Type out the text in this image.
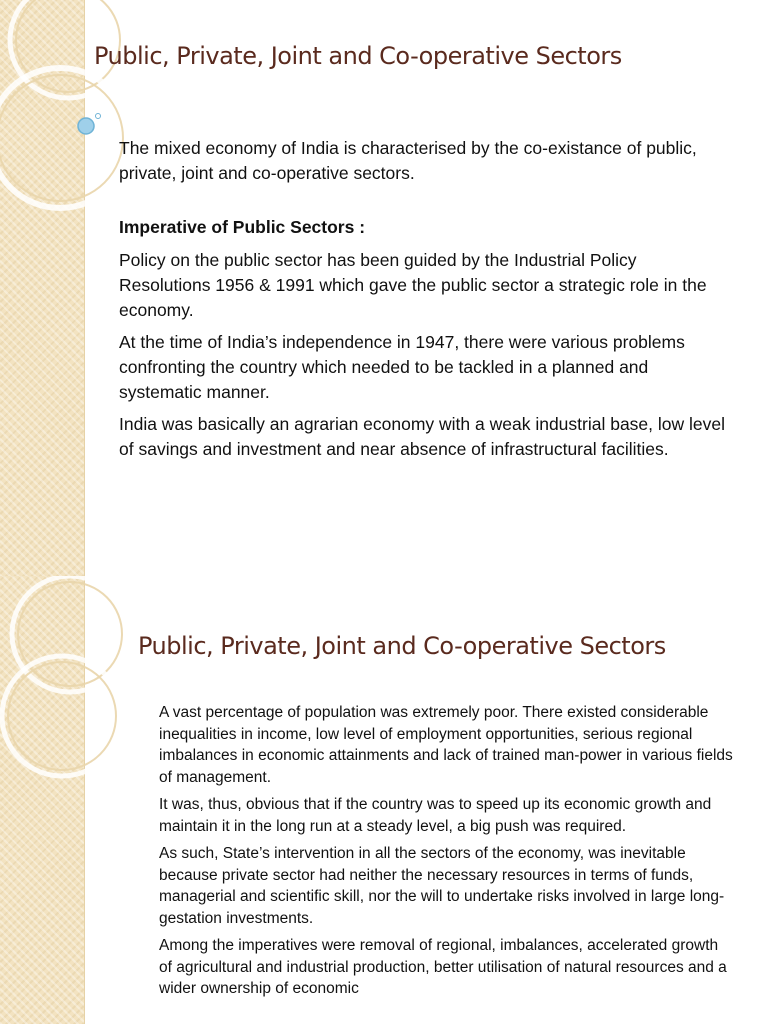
Public, Private, Joint and Co-operative Sectors

The mixed economy of India is characterised by the co-existance of public, private, joint and co-operative sectors.

Imperative of Public Sectors :

Policy on the public sector has been guided by the Industrial Policy Resolutions 1956 & 1991 which gave the public sector a strategic role in the economy.

At the time of India’s independence in 1947, there were various problems confronting the country which needed to be tackled in a planned and systematic manner.

India was basically an agrarian economy with a weak industrial base, low level of savings and investment and near absence of infrastructural facilities.

Public, Private, Joint and Co-operative Sectors

A vast percentage of population was extremely poor. There existed considerable inequalities in income, low level of employment opportunities, serious regional imbalances in economic attainments and lack of trained man-power in various fields of management.

It was, thus, obvious that if the country was to speed up its economic growth and maintain it in the long run at a steady level, a big push was required.

As such, State’s intervention in all the sectors of the economy, was inevitable because private sector had neither the necessary resources in terms of funds, managerial and scientific skill, nor the will to undertake risks involved in large long-gestation investments.

Among the imperatives were removal of regional, imbalances, accelerated growth of agricultural and industrial production, better utilisation of natural resources and a wider ownership of economic
